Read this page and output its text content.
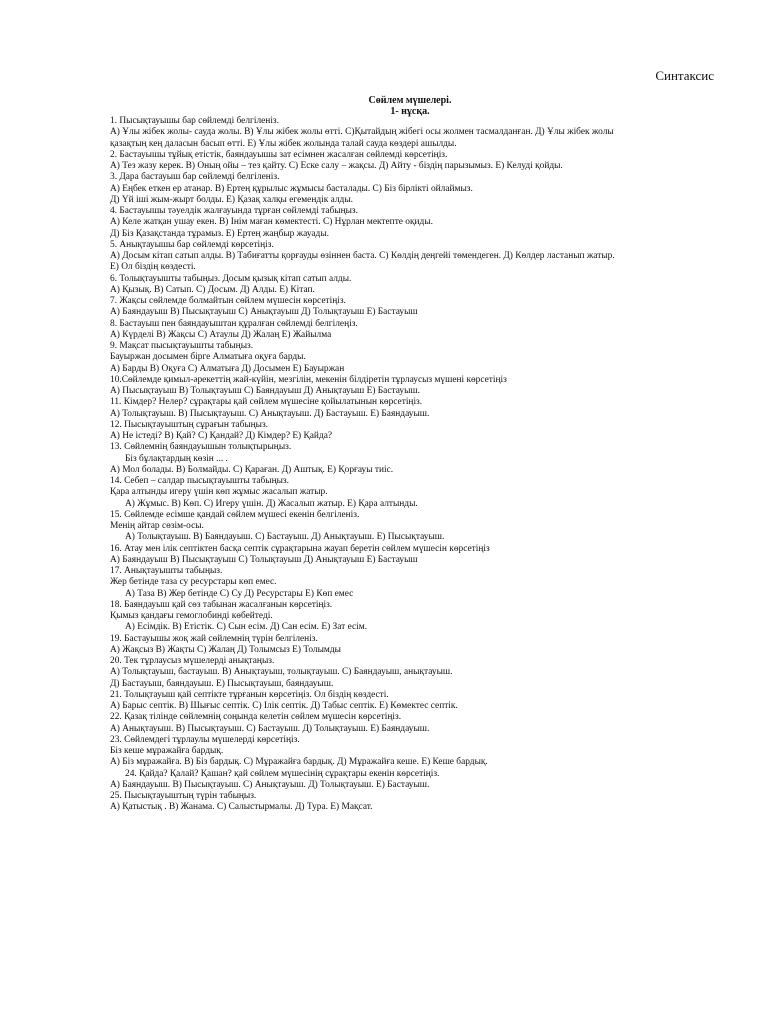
Синтаксис
Сөйлем мүшелері.
1- нұсқа.
1. Пысықтауышы бар сөйлемді белгіленіз.
А) Ұлы жібек жолы- сауда жолы. В) Ұлы жібек жолы өтті. С)Қытайдың жібегі осы жолмен тасмалданған. Д) Ұлы жібек жолы
қазақтың кең даласын басып өтті. Е) Ұлы жібек жолында талай сауда көздері ашылды.
2. Бастауышы тұйық етістік, баяндауышы зат есімнен жасалған сөйлемді көрсетіңіз.
А) Тез жазу керек. В) Оның ойы – тез қайту. С) Еске салу – жақсы. Д) Айту - біздің парызымыз. Е) Келуді қойды.
3. Дара бастауыш бар сөйлемді белгіленіз.
А) Еңбек еткен ер атанар. В) Ертең құрылыс жұмысы басталады. С) Біз бірлікті ойлаймыз.
Д) Үй іші жым-жырт болды. Е) Қазақ халқы егемендік алды.
4. Бастауышы тәуелдік жалғауында тұрған сөйлемді табыңыз.
А) Келе жатқан ушау екен. В) Інім маған көмектесті. С) Нұрлан мектепте оқиды.
Д) Біз Қазақстанда тұрамыз. Е) Ертең жаңбыр жауады.
5. Анықтауышы бар сөйлемді көрсетіңіз.
А) Досым кітап сатып алды. В) Табиғатты қорғауды өзіннен баста. С) Көлдің деңгейі төмендеген. Д) Көлдер ластанып жатыр.
Е) Ол біздің көздесті.
6. Толықтауышты табыңыз. Досым қызық кітап сатып алды.
А) Қызық. В) Сатып. С) Досым. Д) Алды. Е) Кітап.
7. Жақсы сөйлемде болмайтын сөйлем мүшесін көрсетіңіз.
А) Баяндауыш В) Пысықтауыш С) Анықтауыш Д) Толықтауыш Е) Бастауыш
8. Бастауыш пен баяндауыштан құралған сөйлемді белгілеңіз.
А) Күрделі В) Жақсы С) Атаулы Д) Жалаң Е) Жайылма
9. Мақсат пысықтауышты табыңыз.
Бауыржан досымен бірге Алматыға оқуға барды.
А) Барды В) Оқуға С) Алматыға Д) Досымен Е) Бауыржан
10.Сөйлемде қимыл-әрекеттің жай-күйін, мезгілін, мекенін білдіретін тұрлаусыз мүшені көрсетіңіз
А) Пысықтауыш В) Толықтауыш С) Баяндауыш Д) Анықтауыш Е) Бастауыш.
11. Кімдер? Нелер? сұрақтары қай сөйлем мүшесіне қойылатынын көрсетіңіз.
А) Толықтауыш. В) Пысықтауыш. С) Анықтауыш. Д) Бастауыш. Е) Баяндауыш.
12. Пысықтауыштың сұрағын табыңыз.
А) Не істеді? В) Қай? С) Қандай? Д) Кімдер? Е) Қайда?
13. Сөйлемнің баяндауышын толықтырыңыз.
Біз бұлақтардың көзін ... .
А) Мол болады. В) Болмайды. С) Қараған. Д) Аштық. Е) Қорғауы тиіс.
14. Себеп – салдар пысықтауышты табыңыз.
Қара алтынды игеру үшін көп жұмыс жасалып жатыр.
А) Жұмыс. В) Көп. С) Игеру үшін. Д) Жасалып жатыр. Е) Қара алтынды.
15. Сөйлемде есімше қандай сөйлем мүшесі екенін белгіленіз.
Менің айтар сөзім-осы.
А) Толықтауыш. В) Баяндауыш. С) Бастауыш. Д) Анықтауыш. Е) Пысықтауыш.
16. Атау мен ілік септіктен басқа септік сұрақтарына жауап беретін сөйлем мүшесін көрсетіңіз
А) Баяндауыш В) Пысықтауыш С) Толықтауыш Д) Анықтауыш Е) Бастауыш
17. Анықтауышты табыңыз.
Жер бетінде таза су ресурстары көп емес.
А) Таза В) Жер бетінде С) Су Д) Ресурстары Е) Көп емес
18. Баяндауыш қай сөз табынан жасалғанын көрсетіңіз.
Қымыз қандағы гемоглобинді көбейтеді.
А) Есімдік. В) Етістік. С) Сын есім. Д) Сан есім. Е) Зат есім.
19. Бастауышы жоқ жай сөйлемнің түрін белгіленіз.
А) Жақсыз В) Жақты С) Жалаң Д) Толымсыз Е) Толымды
20. Тек тұрлаусыз мүшелерді анықтаңыз.
А) Толықтауыш, бастауыш. В) Анықтауыш, толықтауыш. С) Баяндауыш, анықтауыш.
Д) Бастауыш, баяндауыш. Е) Пысықтауыш, баяндауыш.
21. Толықтауыш қай септікте тұрғанын көрсетіңіз. Ол біздің көздесті.
А) Барыс септік. В) Шығыс септік. С) Ілік септік. Д) Табыс септік. Е) Көмектес септік.
22. Қазақ тілінде сөйлемнің соңында келетін сөйлем мүшесін көрсетіңіз.
А) Анықтауыш. В) Пысықтауыш. С) Бастауыш. Д) Толықтауыш. Е) Баяндауыш.
23. Сөйлемдегі тұрлаулы мүшелерді көрсетіңіз.
Біз кеше мұражайға бардық.
А) Біз мұражайға. В) Біз бардық. С) Мұражайға бардық. Д) Мұражайға кеше. Е) Кеше бардық.
24. Қайда? Қалай? Қашан? қай сөйлем мүшесінің сұрақтары екенін көрсетіңіз.
А) Баяндауыш. В) Пысықтауыш. С) Анықтауыш. Д) Толықтауыш. Е) Бастауыш.
25. Пысықтауыштың түрін табыңыз.
А) Қатыстық . В) Жанама. С) Салыстырмалы. Д) Тура. Е) Мақсат.
